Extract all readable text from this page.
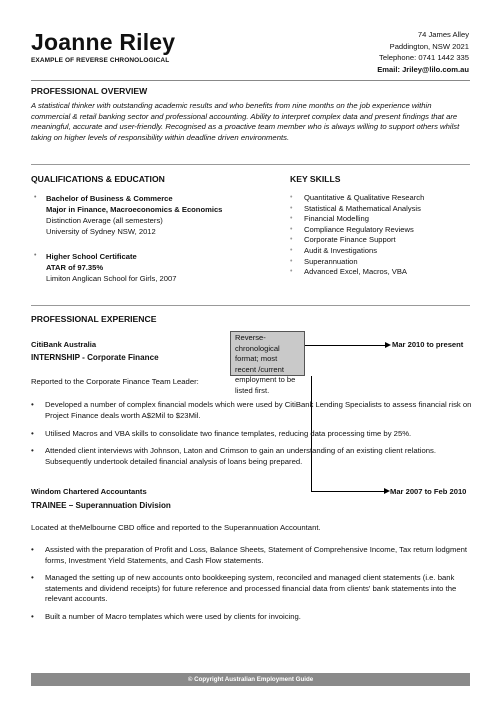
Joanne Riley
EXAMPLE OF REVERSE CHRONOLOGICAL
74 James Alley
Paddington, NSW 2021
Telephone: 0741 1442 335
Email: Jriley@lilo.com.au
PROFESSIONAL OVERVIEW
A statistical thinker with outstanding academic results and who benefits from nine months on the job experience within commercial & retail banking sector and professional accounting. Ability to interpret complex data and present findings that are meaningful, accurate and user-friendly. Recognised as a proactive team member who is always willing to support others whilst taking on higher levels of responsibility within deadline driven environments.
QUALIFICATIONS & EDUCATION
• Bachelor of Business & Commerce
Major in Finance, Macroeconomics & Economics
Distinction Average (all semesters)
University of Sydney NSW, 2012
• Higher School Certificate
ATAR of 97.35%
Limiton Anglican School for Girls, 2007
KEY SKILLS
• Quantitative & Qualitative Research
• Statistical & Mathematical Analysis
• Financial Modelling
• Compliance Regulatory Reviews
• Corporate Finance Support
• Audit & Investigations
• Superannuation
• Advanced Excel, Macros, VBA
PROFESSIONAL EXPERIENCE
Reverse-chronological format; most recent /current employment to be listed first.
CitiBank Australia
INTERNSHIP - Corporate Finance
Mar 2010 to present
Reported to the Corporate Finance Team Leader:
• Developed a number of complex financial models which were used by CitiBank Lending Specialists to assess financial risk on Project Finance deals worth A$2Mil to $23Mil.
• Utilised Macros and VBA skills to consolidate two finance templates, reducing data processing time by 25%.
• Attended client interviews with Johnson, Laton and Crimson to gain an understanding of an existing client relations. Subsequently undertook detailed financial analysis of loans being prepared.
Windom Chartered Accountants
TRAINEE – Superannuation Division
Mar 2007 to Feb 2010
Located at theMelbourne CBD office and reported to the Superannuation Accountant.
• Assisted with the preparation of Profit and Loss, Balance Sheets, Statement of Comprehensive Income, Tax return lodgment forms, Investment Yield Statements, and Cash Flow statements.
• Managed the setting up of new accounts onto bookkeeping system, reconciled and managed client statements (i.e. bank statements and dividend receipts) for future reference and processed financial data from clients' bank statements into the relevant accounts.
• Built a number of Macro templates which were used by clients for invoicing.
© Copyright Australian Employment Guide
